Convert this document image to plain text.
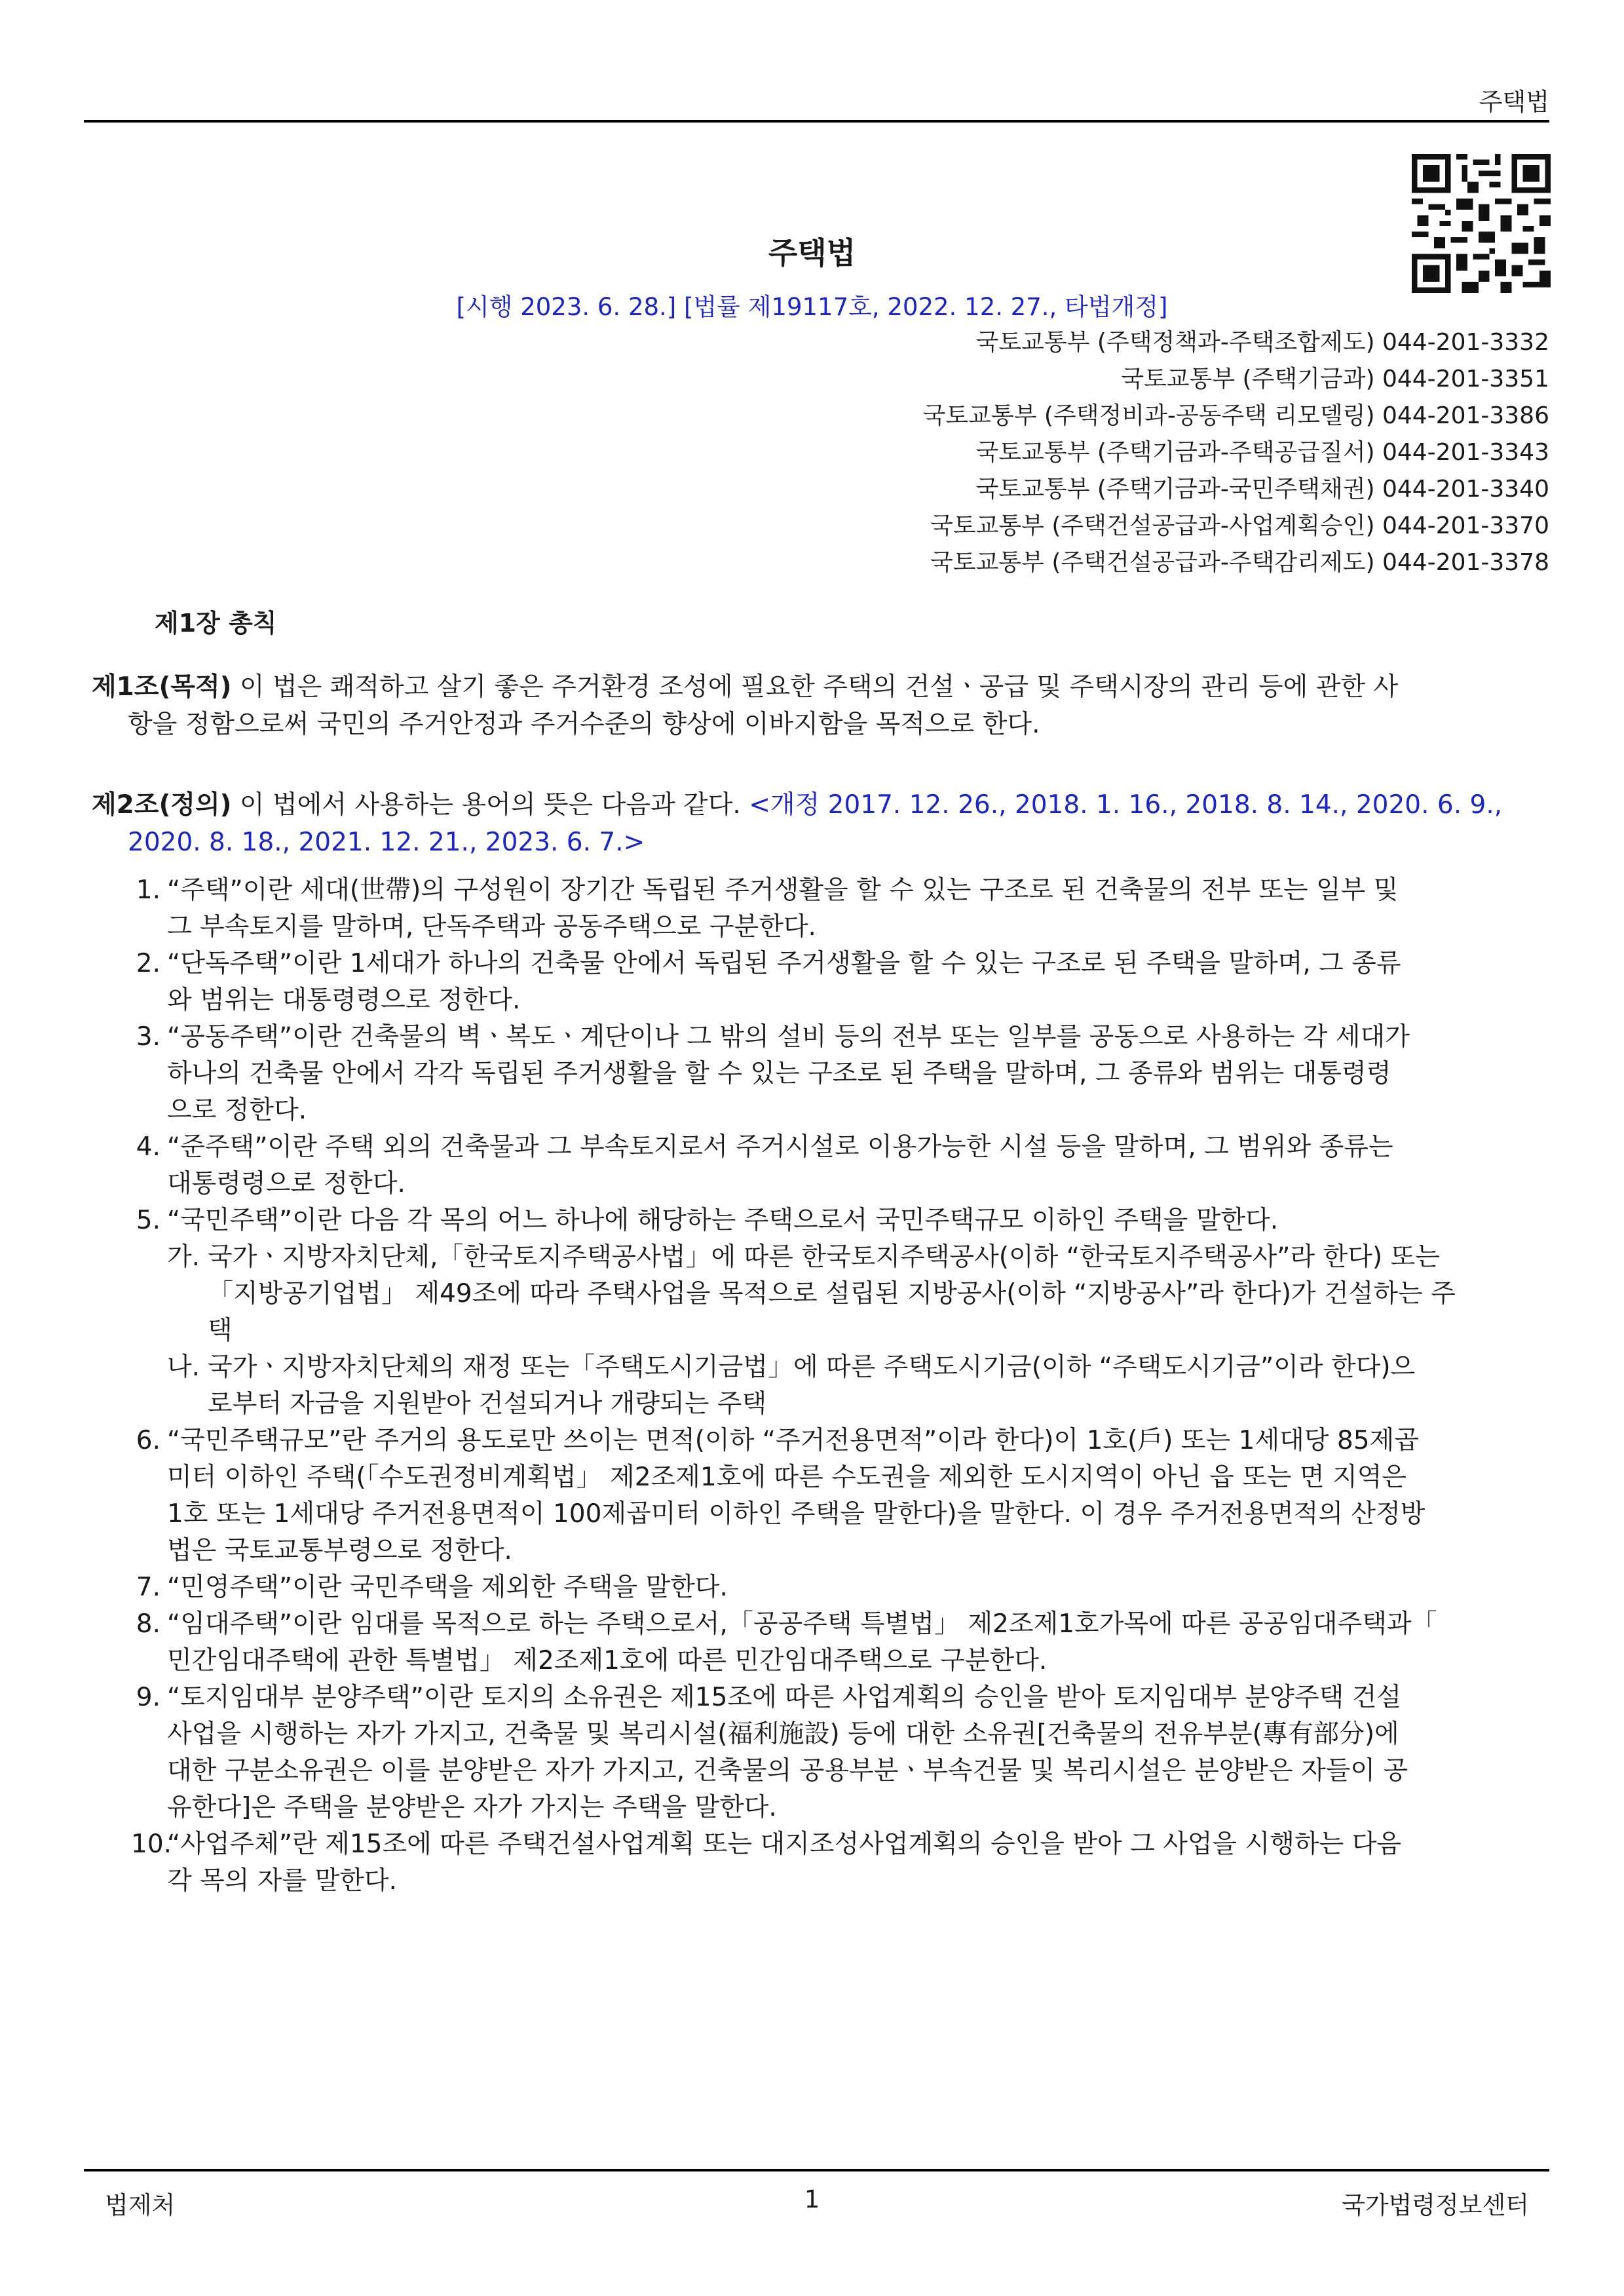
주택법
주택법
[시행 2023. 6. 28.] [법률 제19117호, 2022. 12. 27., 타법개정]
국토교통부 (주택정책과-주택조합제도) 044-201-3332
국토교통부 (주택기금과) 044-201-3351
국토교통부 (주택정비과-공동주택 리모델링) 044-201-3386
국토교통부 (주택기금과-주택공급질서) 044-201-3343
국토교통부 (주택기금과-국민주택채권) 044-201-3340
국토교통부 (주택건설공급과-사업계획승인) 044-201-3370
국토교통부 (주택건설공급과-주택감리제도) 044-201-3378
제1장 총칙
제1조(목적) 이 법은 쾌적하고 살기 좋은 주거환경 조성에 필요한 주택의 건설ㆍ공급 및 주택시장의 관리 등에 관한 사
항을 정함으로써 국민의 주거안정과 주거수준의 향상에 이바지함을 목적으로 한다.
제2조(정의) 이 법에서 사용하는 용어의 뜻은 다음과 같다. <개정 2017. 12. 26., 2018. 1. 16., 2018. 8. 14., 2020. 6. 9.,
2020. 8. 18., 2021. 12. 21., 2023. 6. 7.>
1. “주택”이란 세대(世帶)의 구성원이 장기간 독립된 주거생활을 할 수 있는 구조로 된 건축물의 전부 또는 일부 및
그 부속토지를 말하며, 단독주택과 공동주택으로 구분한다.
2. “단독주택”이란 1세대가 하나의 건축물 안에서 독립된 주거생활을 할 수 있는 구조로 된 주택을 말하며, 그 종류
와 범위는 대통령령으로 정한다.
3. “공동주택”이란 건축물의 벽ㆍ복도ㆍ계단이나 그 밖의 설비 등의 전부 또는 일부를 공동으로 사용하는 각 세대가
하나의 건축물 안에서 각각 독립된 주거생활을 할 수 있는 구조로 된 주택을 말하며, 그 종류와 범위는 대통령령
으로 정한다.
4. “준주택”이란 주택 외의 건축물과 그 부속토지로서 주거시설로 이용가능한 시설 등을 말하며, 그 범위와 종류는
대통령령으로 정한다.
5. “국민주택”이란 다음 각 목의 어느 하나에 해당하는 주택으로서 국민주택규모 이하인 주택을 말한다.
가. 국가ㆍ지방자치단체,「한국토지주택공사법」에 따른 한국토지주택공사(이하 “한국토지주택공사”라 한다) 또는
「지방공기업법」 제49조에 따라 주택사업을 목적으로 설립된 지방공사(이하 “지방공사”라 한다)가 건설하는 주
택
나. 국가ㆍ지방자치단체의 재정 또는「주택도시기금법」에 따른 주택도시기금(이하 “주택도시기금”이라 한다)으
로부터 자금을 지원받아 건설되거나 개량되는 주택
6. “국민주택규모”란 주거의 용도로만 쓰이는 면적(이하 “주거전용면적”이라 한다)이 1호(戶) 또는 1세대당 85제곱
미터 이하인 주택(「수도권정비계획법」 제2조제1호에 따른 수도권을 제외한 도시지역이 아닌 읍 또는 면 지역은
1호 또는 1세대당 주거전용면적이 100제곱미터 이하인 주택을 말한다)을 말한다. 이 경우 주거전용면적의 산정방
법은 국토교통부령으로 정한다.
7. “민영주택”이란 국민주택을 제외한 주택을 말한다.
8. “임대주택”이란 임대를 목적으로 하는 주택으로서,「공공주택 특별법」 제2조제1호가목에 따른 공공임대주택과「
민간임대주택에 관한 특별법」 제2조제1호에 따른 민간임대주택으로 구분한다.
9. “토지임대부 분양주택”이란 토지의 소유권은 제15조에 따른 사업계획의 승인을 받아 토지임대부 분양주택 건설
사업을 시행하는 자가 가지고, 건축물 및 복리시설(福利施設) 등에 대한 소유권[건축물의 전유부분(專有部分)에
대한 구분소유권은 이를 분양받은 자가 가지고, 건축물의 공용부분ㆍ부속건물 및 복리시설은 분양받은 자들이 공
유한다]은 주택을 분양받은 자가 가지는 주택을 말한다.
10.
“사업주체”란 제15조에 따른 주택건설사업계획 또는 대지조성사업계획의 승인을 받아 그 사업을 시행하는 다음
각 목의 자를 말한다.
법제처	1	국가법령정보센터
